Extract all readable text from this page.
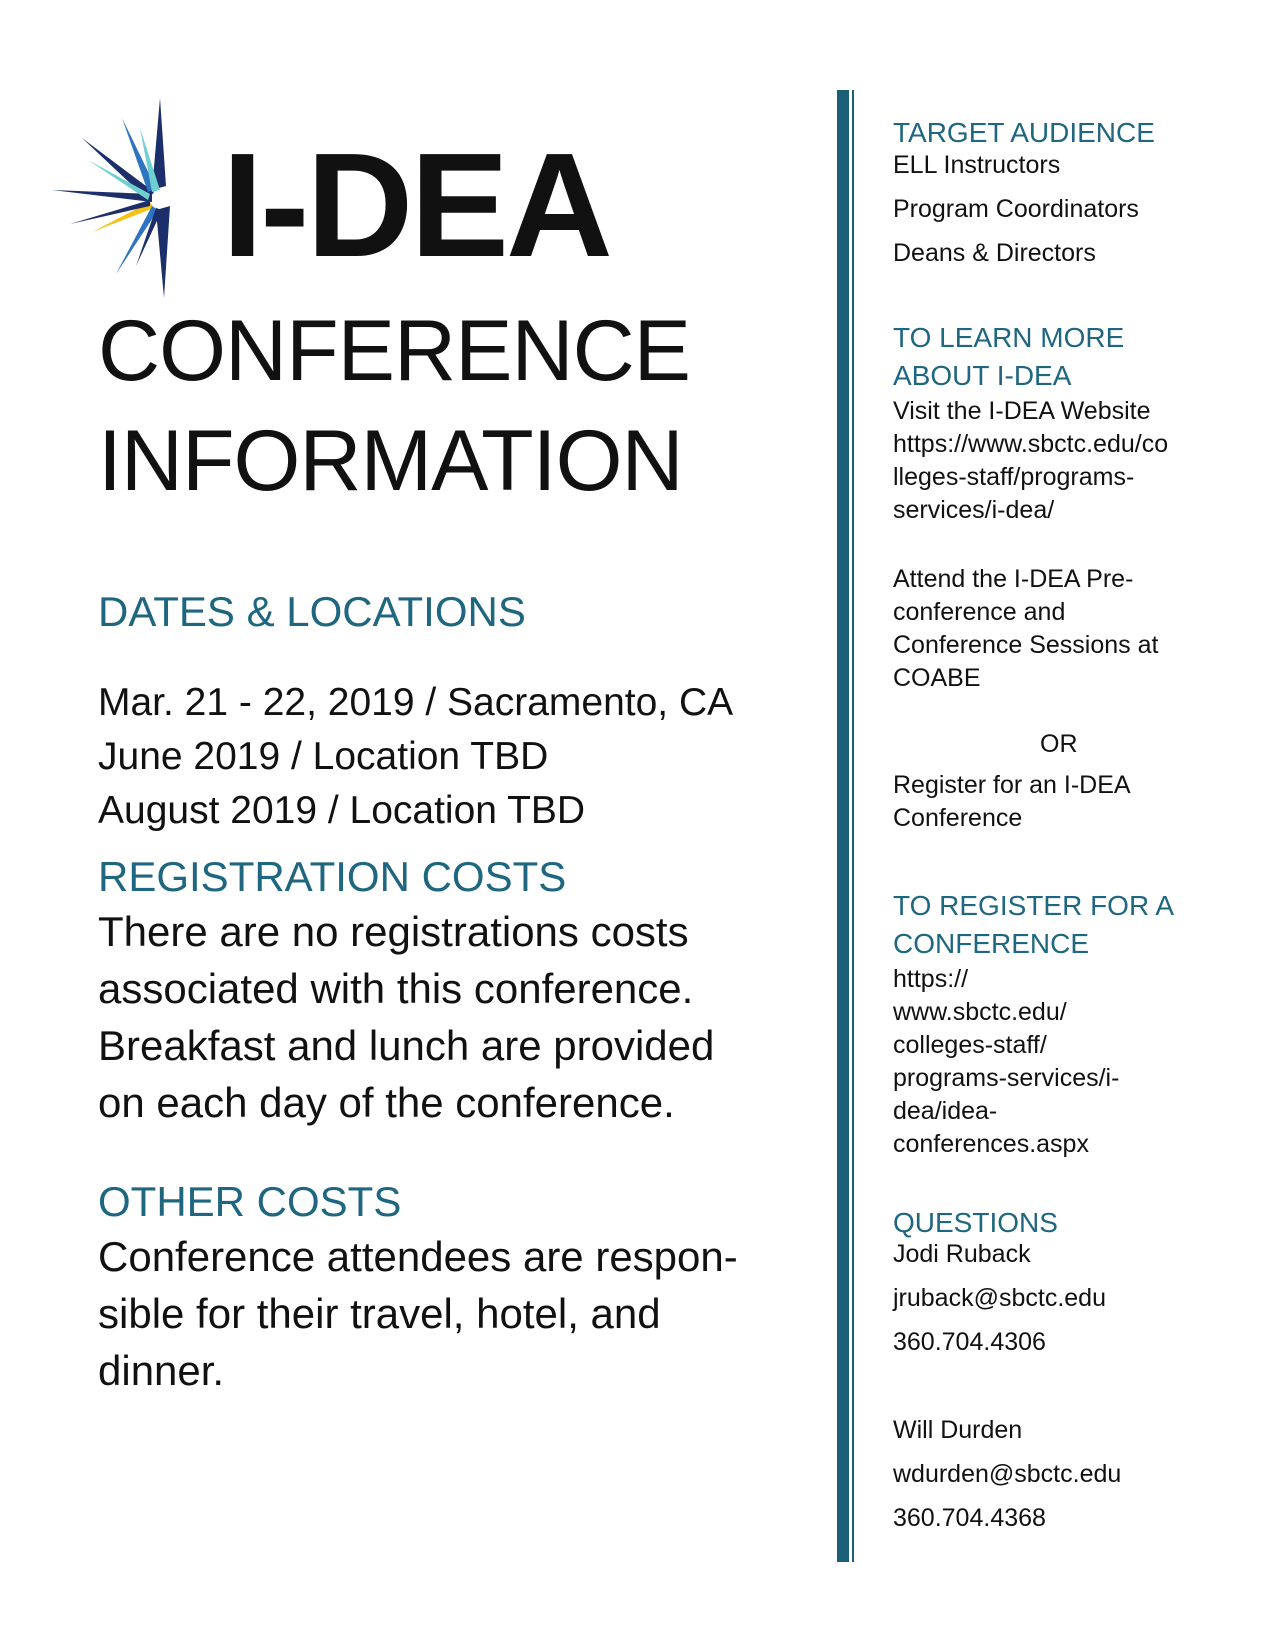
I-DEA
CONFERENCE
INFORMATION
DATES & LOCATIONS
Mar. 21 - 22, 2019 / Sacramento, CA
June 2019 / Location TBD
August 2019 / Location TBD
REGISTRATION COSTS
There are no registrations costs
associated with this conference.
Breakfast and lunch are provided
on each day of the conference.
OTHER COSTS
Conference attendees are respon-
sible for their travel, hotel, and
dinner.
TARGET AUDIENCE
ELL Instructors
Program Coordinators
Deans & Directors
TO LEARN MORE
ABOUT I-DEA
Visit the I-DEA Website
https://www.sbctc.edu/co
lleges-staff/programs-
services/i-dea/
Attend the I-DEA Pre-
conference and
Conference Sessions at
COABE
OR
Register for an I-DEA
Conference
TO REGISTER FOR A
CONFERENCE
https://
www.sbctc.edu/
colleges-staff/
programs-services/i-
dea/idea-
conferences.aspx
QUESTIONS
Jodi Ruback
jruback@sbctc.edu
360.704.4306
Will Durden
wdurden@sbctc.edu
360.704.4368
